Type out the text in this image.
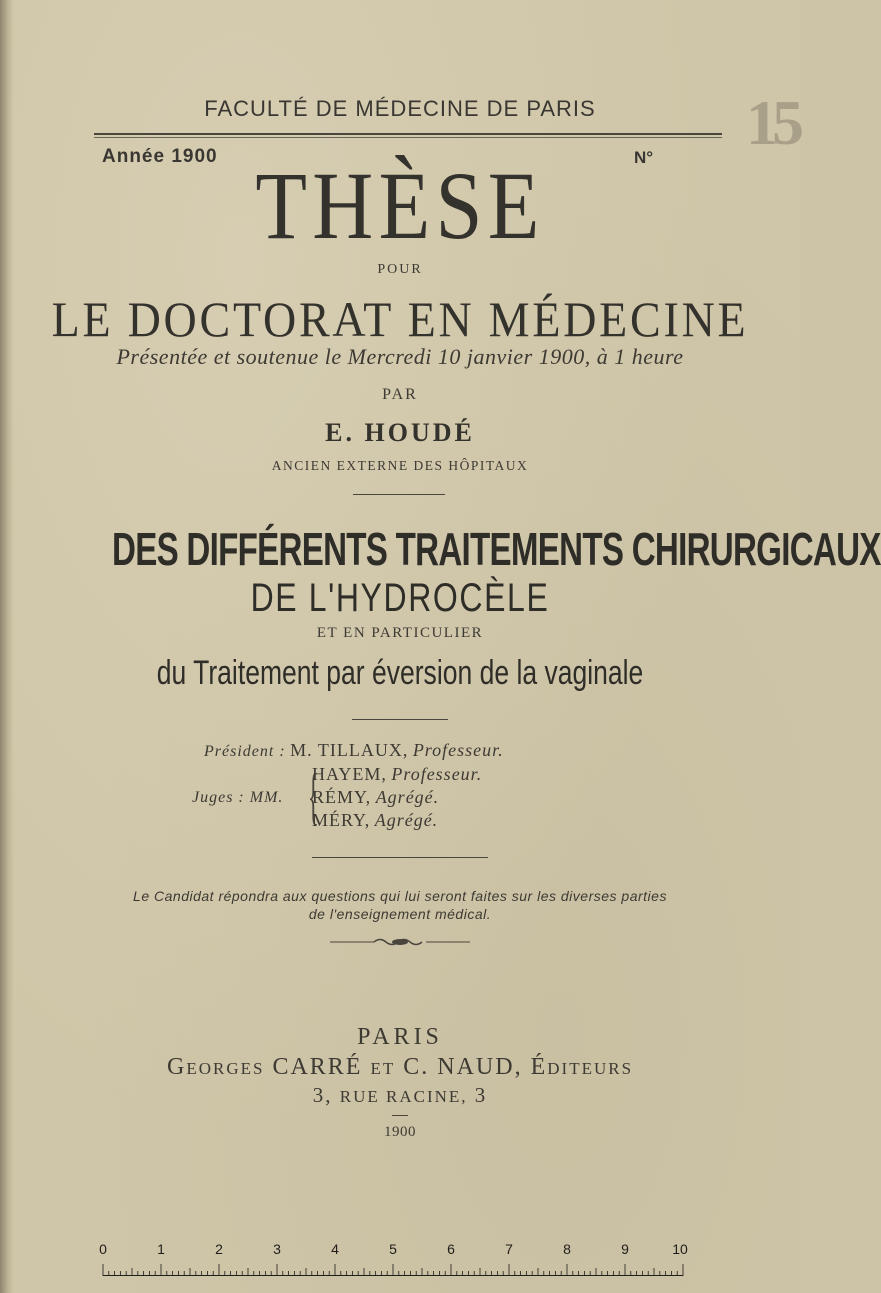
15
FACULTÉ DE MÉDECINE DE PARIS
Année 1900	N°
THÈSE
POUR
LE DOCTORAT EN MÉDECINE
Présentée et soutenue le Mercredi 10 janvier 1900, à 1 heure
PAR
E. HOUDÉ
ANCIEN EXTERNE DES HÔPITAUX
DES DIFFÉRENTS TRAITEMENTS CHIRURGICAUX
DE L'HYDROCÈLE
ET EN PARTICULIER
du Traitement par éversion de la vaginale
Président : M. TILLAUX, Professeur.
Juges : MM. {
HAYEM, Professeur.
RÉMY, Agrégé.
MÉRY, Agrégé.
Le Candidat répondra aux questions qui lui seront faites sur les diverses parties
de l'enseignement médical.
PARIS
GEORGES CARRÉ ET C. NAUD, ÉDITEURS
3, RUE RACINE, 3
1900
0	1	2	3	4	5	6	7	8	9	10
